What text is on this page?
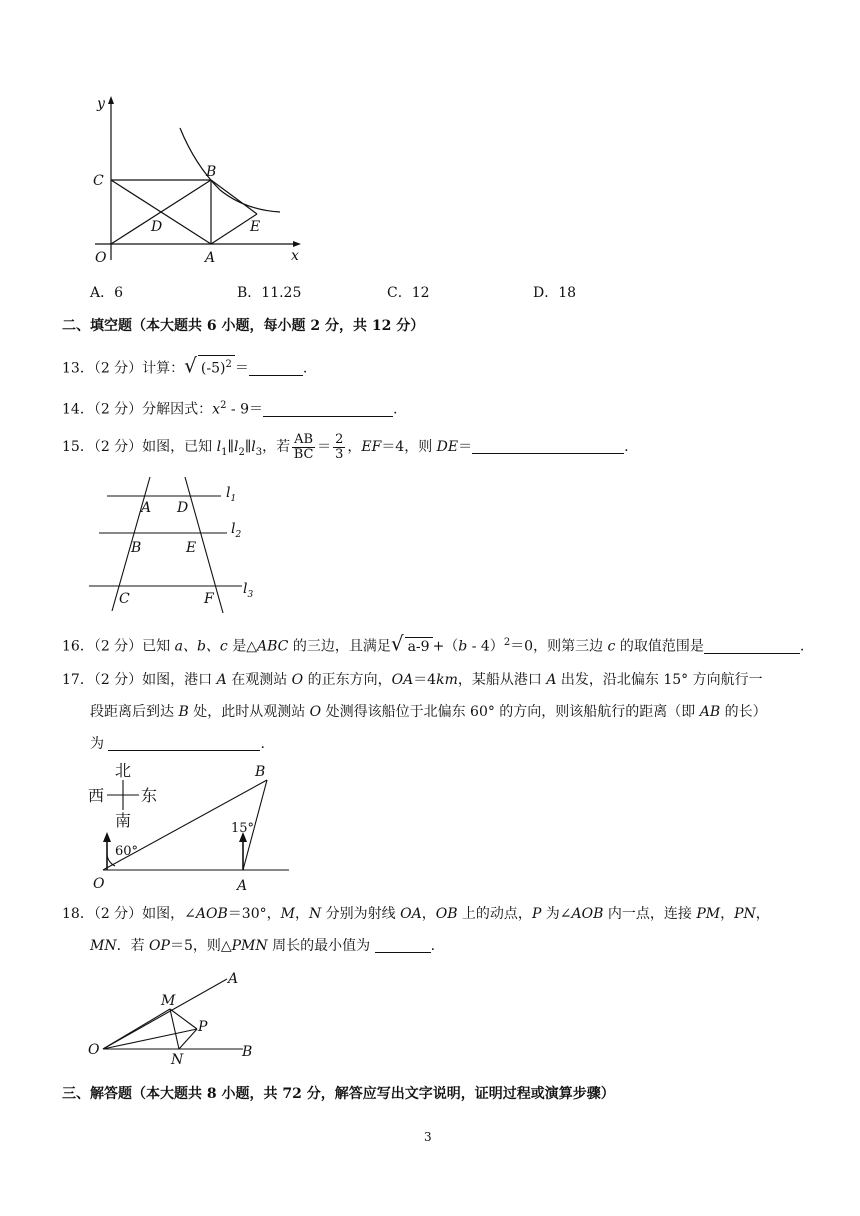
y
x
C
B
D	E
O	A
A．6	B．11.25	C．12	D．18
二、填空题（本大题共 6 小题，每小题 2 分，共 12 分）
13．（2 分）计算：√ $(-5)^2$ ＝	.
14．（2 分）分解因式：$x^2 - 9=$	.
15．（2 分）如图，已知 $l_1\parallel l_2\parallel l_3$，若 $\frac{AB}{BC} = \frac{2}{3}$ ，EF＝4，则 DE＝	.
A D
B	E
C	F
$l_1$
$l_2$
$l_3$
16．（2 分）已知 a、b、c 是△ABC 的三边，且满足√ a-9 +（b - 4）$^2$＝0，则第三边 c 的取值范围是	.
17．（2 分）如图，港口 A 在观测站 O 的正东方向，OA＝4km，某船从港口 A 出发，沿北偏东 15° 方向航行一
段距离后到达 B 处，此时从观测站 O 处测得该船位于北偏东 60° 的方向，则该船航行的距离（即 AB 的长）
为	.
北
西 东
南
60°
15°
B
O	A
18．（2 分）如图，∠AOB＝30°，M，N 分别为射线 OA，OB 上的动点，P 为∠AOB 内一点，连接 PM，PN，
MN．若 OP＝5，则△PMN 周长的最小值为	.
A
M
P
O
N	B
三、解答题（本大题共 8 小题，共 72 分，解答应写出文字说明，证明过程或演算步骤）
3
